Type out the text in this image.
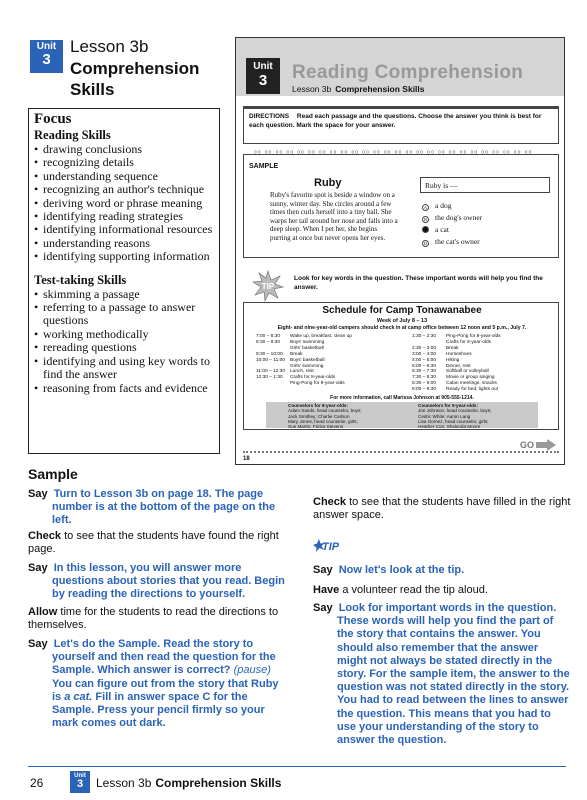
Unit
3
Lesson 3b
Comprehension Skills
Focus
Reading Skills
• drawing conclusions
• recognizing details
• understanding sequence
• recognizing an author's technique
• deriving word or phrase meaning
• identifying reading strategies
• identifying informational resources
• understanding reasons
• identifying supporting information
Test-taking Skills
• skimming a passage
• referring to a passage to answer questions
• working methodically
• rereading questions
• identifying and using key words to find the answer
• reasoning from facts and evidence
Unit
3	Reading Comprehension
Lesson 3b Comprehension Skills
DIRECTIONS Read each passage and the questions. Choose the answer you think is best for each question. Mark the space for your answer.
ᵒᵒ ᵒᵒ ᵒᵒ ᵒᵒ ᵒᵒ ᵒᵒ ᵒᵒ ᵒᵒ ᵒᵒ ᵒᵒ ᵒᵒ ᵒᵒ ᵒᵒ ᵒᵒ ᵒᵒ ᵒᵒ ᵒᵒ ᵒᵒ ᵒᵒ ᵒᵒ ᵒᵒ ᵒᵒ ᵒᵒ ᵒᵒ ᵒᵒ ᵒᵒ
SAMPLE
Ruby
Ruby's favorite spot is beside a window on a sunny, winter day. She circles around a few times then curls herself into a tiny ball. She warps her tail around her nose and falls into a deep sleep. When I pet her, she begins purring at once but never opens her eyes.
Ruby is —
A a dog
B the dog's owner
a cat
D the cat's owner
TIP
Look for key words in the question. These important words will help you find the answer.
Schedule for Camp Tonawanabee
Week of July 8 – 13
Eight- and nine-year-old campers should check in at camp office between 12 noon and 5 p.m., July 7.
7:00 – 8:30 Wake up, breakfast, clean up
8:30 – 9:30 Boys' swimming
Girls' basketball
9:30 – 10:00 Break
10:00 – 11:00 Boys' basketball
Girls' swimming
11:00 – 12:30 Lunch, rest
12:30 – 1:30 Crafts for 8-year-olds
Ping-Pong for 9-year-olds
1:30 – 2:30 Ping-Pong for 8-year-olds
Crafts for 9-year-olds
2:30 – 3:00 Break
3:00 – 4:00 Horseshoes
4:00 – 5:00 Hiking
5:00 – 6:30 Dinner, rest
6:30 – 7:30 Softball or volleyball
7:30 – 8:30 Movie or group singing
8:30 – 9:00 Cabin meetings, snacks
9:00 – 9:30 Ready for bed, lights out
For more information, call Marissa Johnson at 905-555-1214.
Counselors for 8-year-olds:
Adam Sands, head counselor, boys;
Jack Smithey; Charlie Carlson
Mary Jones, head counselor, girls;
Sue Martin; Fricka Stevens
Counselors for 9-year-olds:
Joe Johnson, head counselor, boys;
Cedric White; Aaron Lang
Lisa Gomez, head counselor, girls;
Heather Coe; Shalonda Moore
GO
18
Sample
Say Turn to Lesson 3b on page 18. The page number is at the bottom of the page on the left.
Check to see that the students have found the right page.
Say In this lesson, you will answer more questions about stories that you read. Begin by reading the directions to yourself.
Allow time for the students to read the directions to themselves.
Say Let's do the Sample. Read the story to yourself and then read the question for the Sample. Which answer is correct? (pause) You can figure out from the story that Ruby is a cat. Fill in answer space C for the Sample. Press your pencil firmly so your mark comes out dark.
Check to see that the students have filled in the right answer space.
TIP
Say Now let's look at the tip.
Have a volunteer read the tip aloud.
Say Look for important words in the question. These words will help you find the part of the story that contains the answer. You should also remember that the answer might not always be stated directly in the story. For the sample item, the answer to the question was not stated directly in the story. You had to read between the lines to answer the question. This means that you had to use your understanding of the story to answer the question.
26	Unit
3	Lesson 3b Comprehension Skills
